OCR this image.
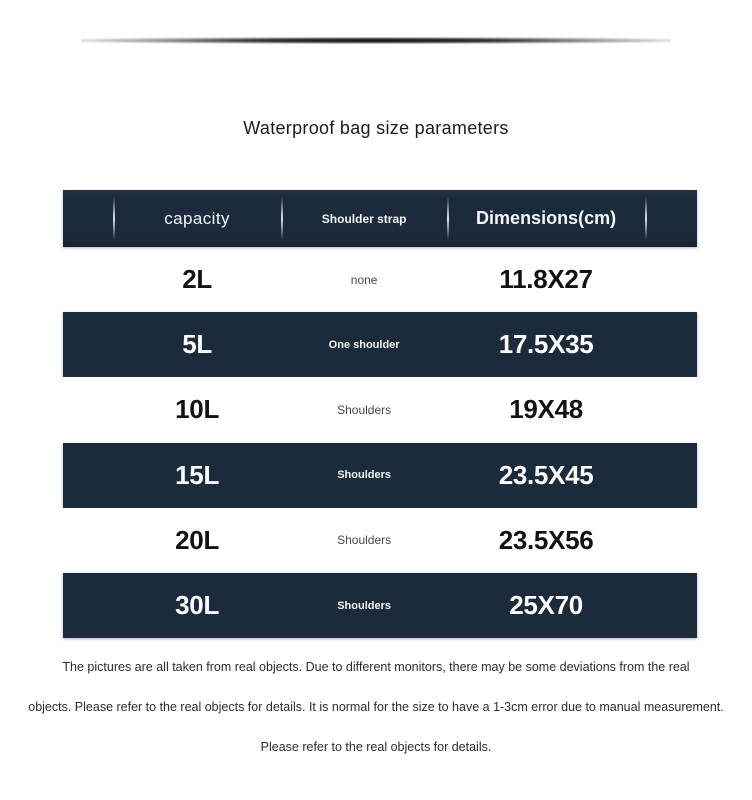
Waterproof bag size parameters
capacity	Shoulder strap	Dimensions(cm)
2L	none	11.8X27
5L	One shoulder	17.5X35
10L	Shoulders	19X48
15L	Shoulders	23.5X45
20L	Shoulders	23.5X56
30L	Shoulders	25X70

The pictures are all taken from real objects. Due to different monitors, there may be some deviations from the real

objects. Please refer to the real objects for details. It is normal for the size to have a 1-3cm error due to manual measurement.

Please refer to the real objects for details.
